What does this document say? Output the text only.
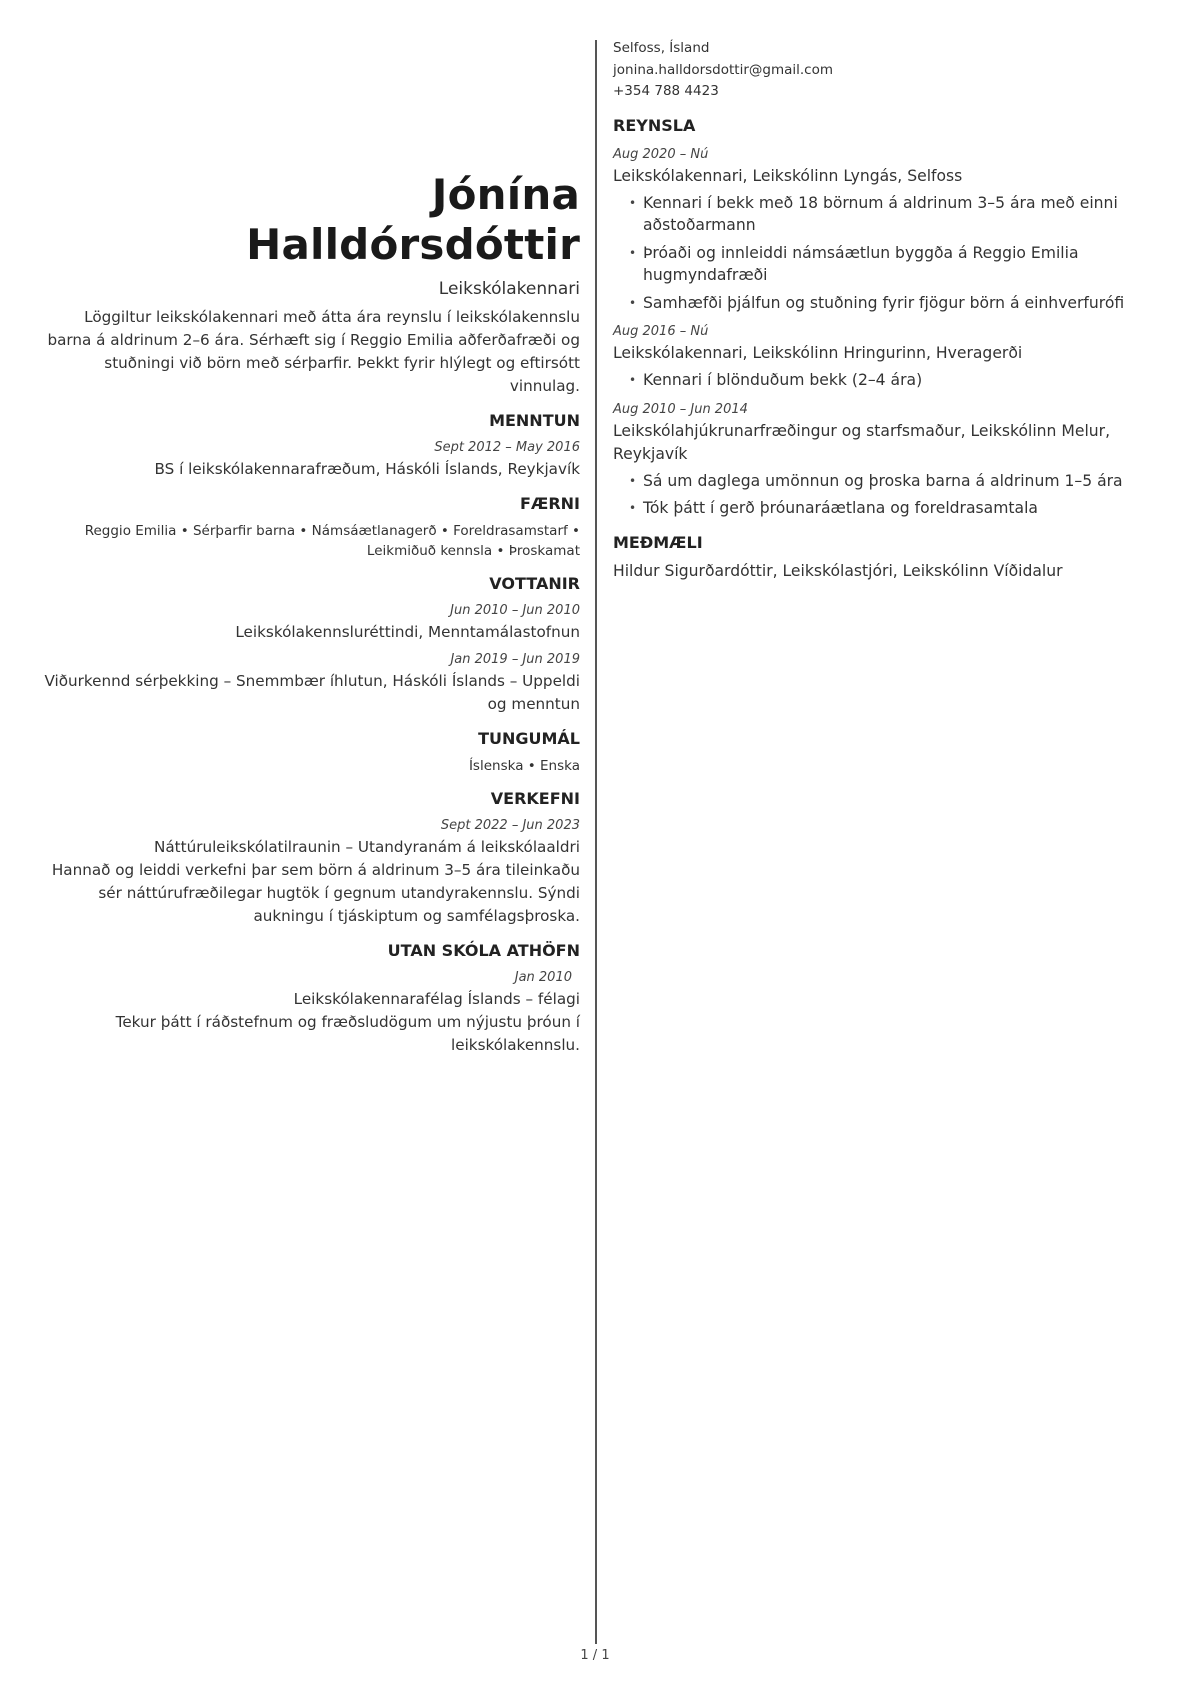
Jónína
Halldórsdóttir
Leikskólakennari
Löggiltur leikskólakennari með átta ára reynslu í leikskólakennslu barna á aldrinum 2–6 ára. Sérhæft sig í Reggio Emilia aðferðafræði og stuðningi við börn með sérþarfir. Þekkt fyrir hlýlegt og eftirsótt vinnulag.
MENNTUN
Sept 2012 – May 2016
BS í leikskólakennarafræðum, Háskóli Íslands, Reykjavík
FÆRNI
Reggio Emilia • Sérþarfir barna • Námsáætlanagerð • Foreldrasamstarf • Leikmiðuð kennsla • Þroskamat
VOTTANIR
Jun 2010 – Jun 2010
Leikskólakennsluréttindi, Menntamálastofnun
Jan 2019 – Jun 2019
Viðurkennd sérþekking – Snemmbær íhlutun, Háskóli Íslands – Uppeldi og menntun
TUNGUMÁL
Íslenska • Enska
VERKEFNI
Sept 2022 – Jun 2023
Náttúruleikskólatilraunin – Utandyranám á leikskólaaldri
Hannað og leiddi verkefni þar sem börn á aldrinum 3–5 ára tileinkaðu sér náttúrufræðilegar hugtök í gegnum utandyrakennslu. Sýndi aukningu í tjáskiptum og samfélagsþroska.
UTAN SKÓLA ATHÖFN
Jan 2010
Leikskólakennarafélag Íslands – félagi
Tekur þátt í ráðstefnum og fræðsludögum um nýjustu þróun í leikskólakennslu.
Selfoss, Ísland
jonina.halldorsdottir@gmail.com
+354 788 4423
REYNSLA
Aug 2020 – Nú
Leikskólakennari, Leikskólinn Lyngás, Selfoss
• Kennari í bekk með 18 börnum á aldrinum 3–5 ára með einni aðstoðarmann
• Þróaði og innleiddi námsáætlun byggða á Reggio Emilia hugmyndafræði
• Samhæfði þjálfun og stuðning fyrir fjögur börn á einhverfurófi
Aug 2016 – Nú
Leikskólakennari, Leikskólinn Hringurinn, Hveragerði
• Kennari í blönduðum bekk (2–4 ára)
Aug 2010 – Jun 2014
Leikskólahjúkrunarfræðingur og starfsmaður, Leikskólinn Melur, Reykjavík
• Sá um daglega umönnun og þroska barna á aldrinum 1–5 ára
• Tók þátt í gerð þróunaráætlana og foreldrasamtala
MEÐMÆLI
Hildur Sigurðardóttir, Leikskólastjóri, Leikskólinn Víðidalur
1 / 1
